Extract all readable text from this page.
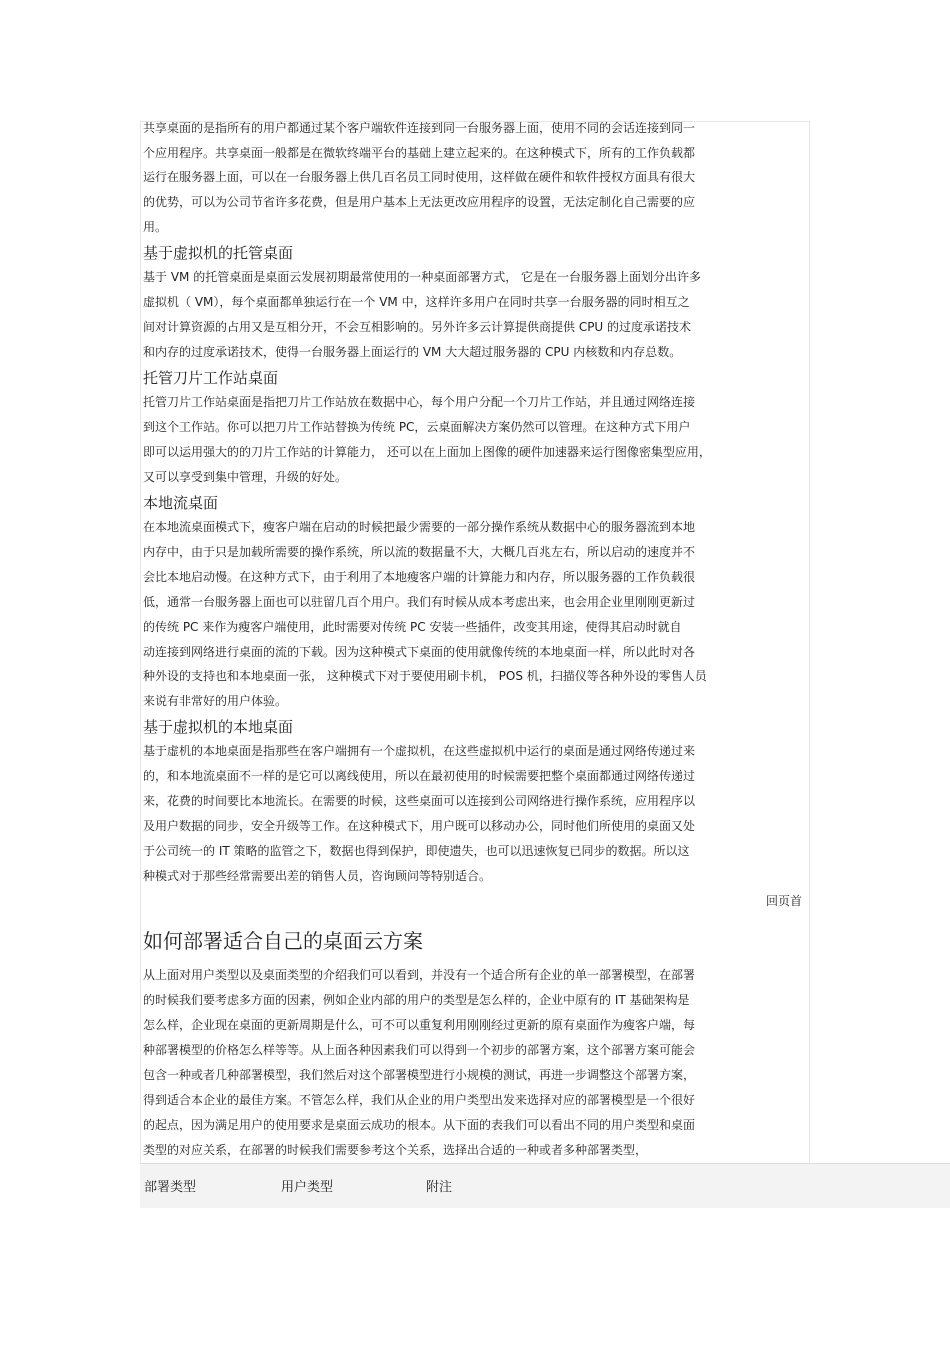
共享桌面的是指所有的用户都通过某个客户端软件连接到同一台服务器上面，使用不同的会话连接到同一
个应用程序。共享桌面一般都是在微软终端平台的基础上建立起来的。在这种模式下，所有的工作负载都
运行在服务器上面，可以在一台服务器上供几百名员工同时使用，这样做在硬件和软件授权方面具有很大
的优势，可以为公司节省许多花费，但是用户基本上无法更改应用程序的设置，无法定制化自己需要的应
用。
基于虚拟机的托管桌面
基于 VM 的托管桌面是桌面云发展初期最常使用的一种桌面部署方式， 它是在一台服务器上面划分出许多
虚拟机（ VM），每个桌面都单独运行在一个 VM 中，这样许多用户在同时共享一台服务器的同时相互之
间对计算资源的占用又是互相分开，不会互相影响的。另外许多云计算提供商提供 CPU 的过度承诺技术
和内存的过度承诺技术，使得一台服务器上面运行的 VM 大大超过服务器的 CPU 内核数和内存总数。
托管刀片工作站桌面
托管刀片工作站桌面是指把刀片工作站放在数据中心，每个用户分配一个刀片工作站，并且通过网络连接
到这个工作站。你可以把刀片工作站替换为传统 PC，云桌面解决方案仍然可以管理。在这种方式下用户
即可以运用强大的的刀片工作站的计算能力， 还可以在上面加上图像的硬件加速器来运行图像密集型应用，
又可以享受到集中管理，升级的好处。
本地流桌面
在本地流桌面模式下，瘦客户端在启动的时候把最少需要的一部分操作系统从数据中心的服务器流到本地
内存中，由于只是加载所需要的操作系统，所以流的数据量不大，大概几百兆左右，所以启动的速度并不
会比本地启动慢。在这种方式下，由于利用了本地瘦客户端的计算能力和内存，所以服务器的工作负载很
低，通常一台服务器上面也可以驻留几百个用户。我们有时候从成本考虑出来，也会用企业里刚刚更新过
的传统 PC 来作为瘦客户端使用，此时需要对传统 PC 安装一些插件，改变其用途，使得其启动时就自
动连接到网络进行桌面的流的下载。因为这种模式下桌面的使用就像传统的本地桌面一样，所以此时对各
种外设的支持也和本地桌面一张， 这种模式下对于要使用刷卡机， POS 机，扫描仪等各种外设的零售人员
来说有非常好的用户体验。
基于虚拟机的本地桌面
基于虚机的本地桌面是指那些在客户端拥有一个虚拟机，在这些虚拟机中运行的桌面是通过网络传递过来
的，和本地流桌面不一样的是它可以离线使用，所以在最初使用的时候需要把整个桌面都通过网络传递过
来，花费的时间要比本地流长。在需要的时候，这些桌面可以连接到公司网络进行操作系统，应用程序以
及用户数据的同步，安全升级等工作。在这种模式下，用户既可以移动办公，同时他们所使用的桌面又处
于公司统一的 IT 策略的监管之下，数据也得到保护，即使遗失，也可以迅速恢复已同步的数据。所以这
种模式对于那些经常需要出差的销售人员，咨询顾问等特别适合。
回页首
如何部署适合自己的桌面云方案
从上面对用户类型以及桌面类型的介绍我们可以看到，并没有一个适合所有企业的单一部署模型，在部署
的时候我们要考虑多方面的因素，例如企业内部的用户的类型是怎么样的，企业中原有的 IT 基础架构是
怎么样，企业现在桌面的更新周期是什么，可不可以重复利用刚刚经过更新的原有桌面作为瘦客户端，每
种部署模型的价格怎么样等等。从上面各种因素我们可以得到一个初步的部署方案，这个部署方案可能会
包含一种或者几种部署模型，我们然后对这个部署模型进行小规模的测试，再进一步调整这个部署方案，
得到适合本企业的最佳方案。不管怎么样，我们从企业的用户类型出发来选择对应的部署模型是一个很好
的起点，因为满足用户的使用要求是桌面云成功的根本。从下面的表我们可以看出不同的用户类型和桌面
类型的对应关系，在部署的时候我们需要参考这个关系，选择出合适的一种或者多种部署类型，
部署类型	用户类型	附注
